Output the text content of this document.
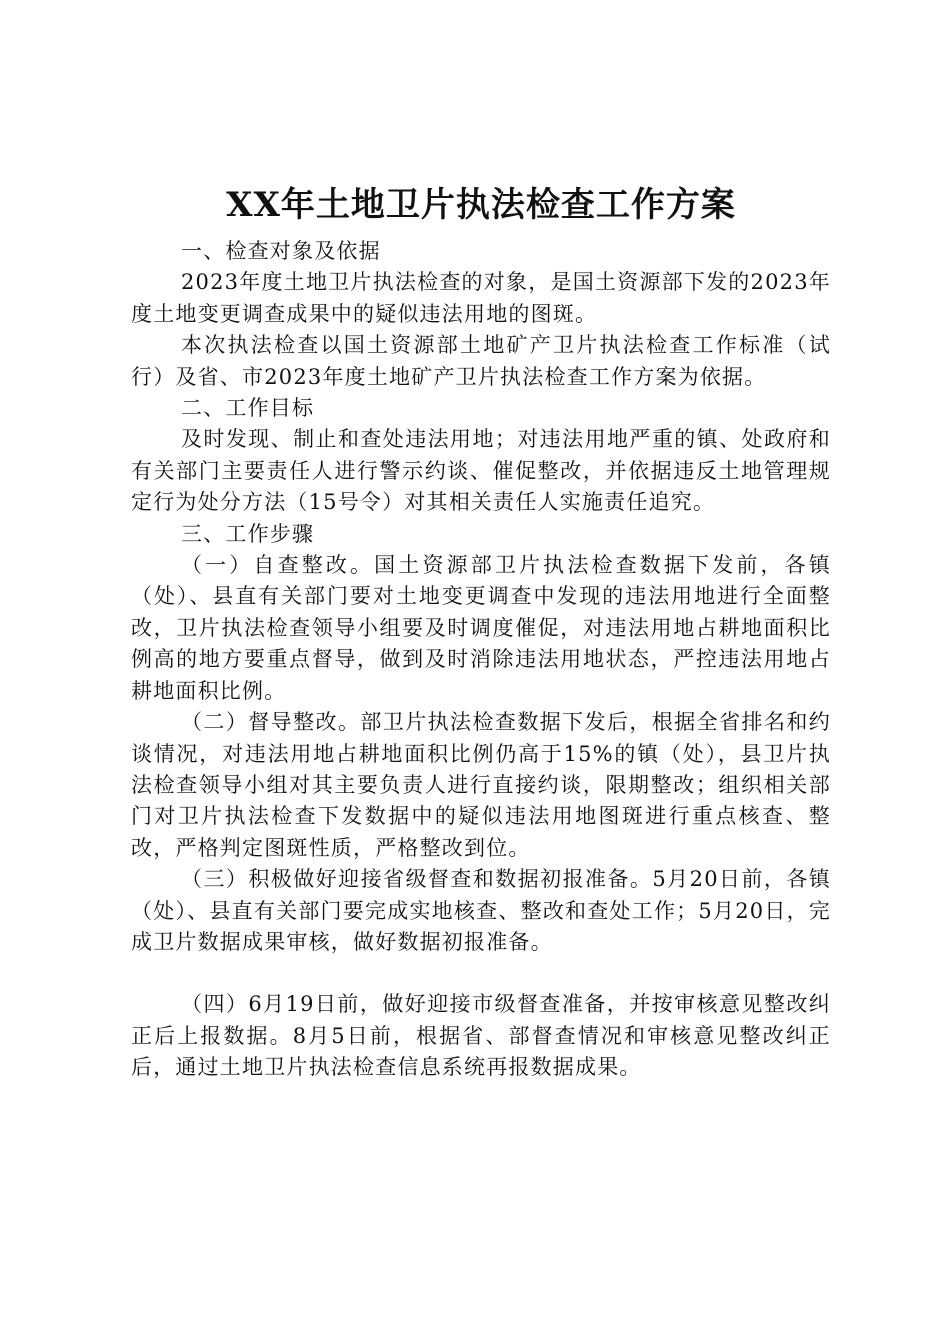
XX年土地卫片执法检查工作方案

一、检查对象及依据

2023年度土地卫片执法检查的对象，是国土资源部下发的2023年度土地变更调查成果中的疑似违法用地的图斑。

本次执法检查以国土资源部土地矿产卫片执法检查工作标准（试行）及省、市2023年度土地矿产卫片执法检查工作方案为依据。

二、工作目标

及时发现、制止和查处违法用地；对违法用地严重的镇、处政府和有关部门主要责任人进行警示约谈、催促整改，并依据违反土地管理规定行为处分方法（15号令）对其相关责任人实施责任追究。

三、工作步骤

（一）自查整改。国土资源部卫片执法检查数据下发前，各镇（处）、县直有关部门要对土地变更调查中发现的违法用地进行全面整改，卫片执法检查领导小组要及时调度催促，对违法用地占耕地面积比例高的地方要重点督导，做到及时消除违法用地状态，严控违法用地占耕地面积比例。

（二）督导整改。部卫片执法检查数据下发后，根据全省排名和约谈情况，对违法用地占耕地面积比例仍高于15%的镇（处），县卫片执法检查领导小组对其主要负责人进行直接约谈，限期整改；组织相关部门对卫片执法检查下发数据中的疑似违法用地图斑进行重点核查、整改，严格判定图斑性质，严格整改到位。

（三）积极做好迎接省级督查和数据初报准备。5月20日前，各镇（处）、县直有关部门要完成实地核查、整改和查处工作；5月20日，完成卫片数据成果审核，做好数据初报准备。

（四）6月19日前，做好迎接市级督查准备，并按审核意见整改纠正后上报数据。8月5日前，根据省、部督查情况和审核意见整改纠正后，通过土地卫片执法检查信息系统再报数据成果。
